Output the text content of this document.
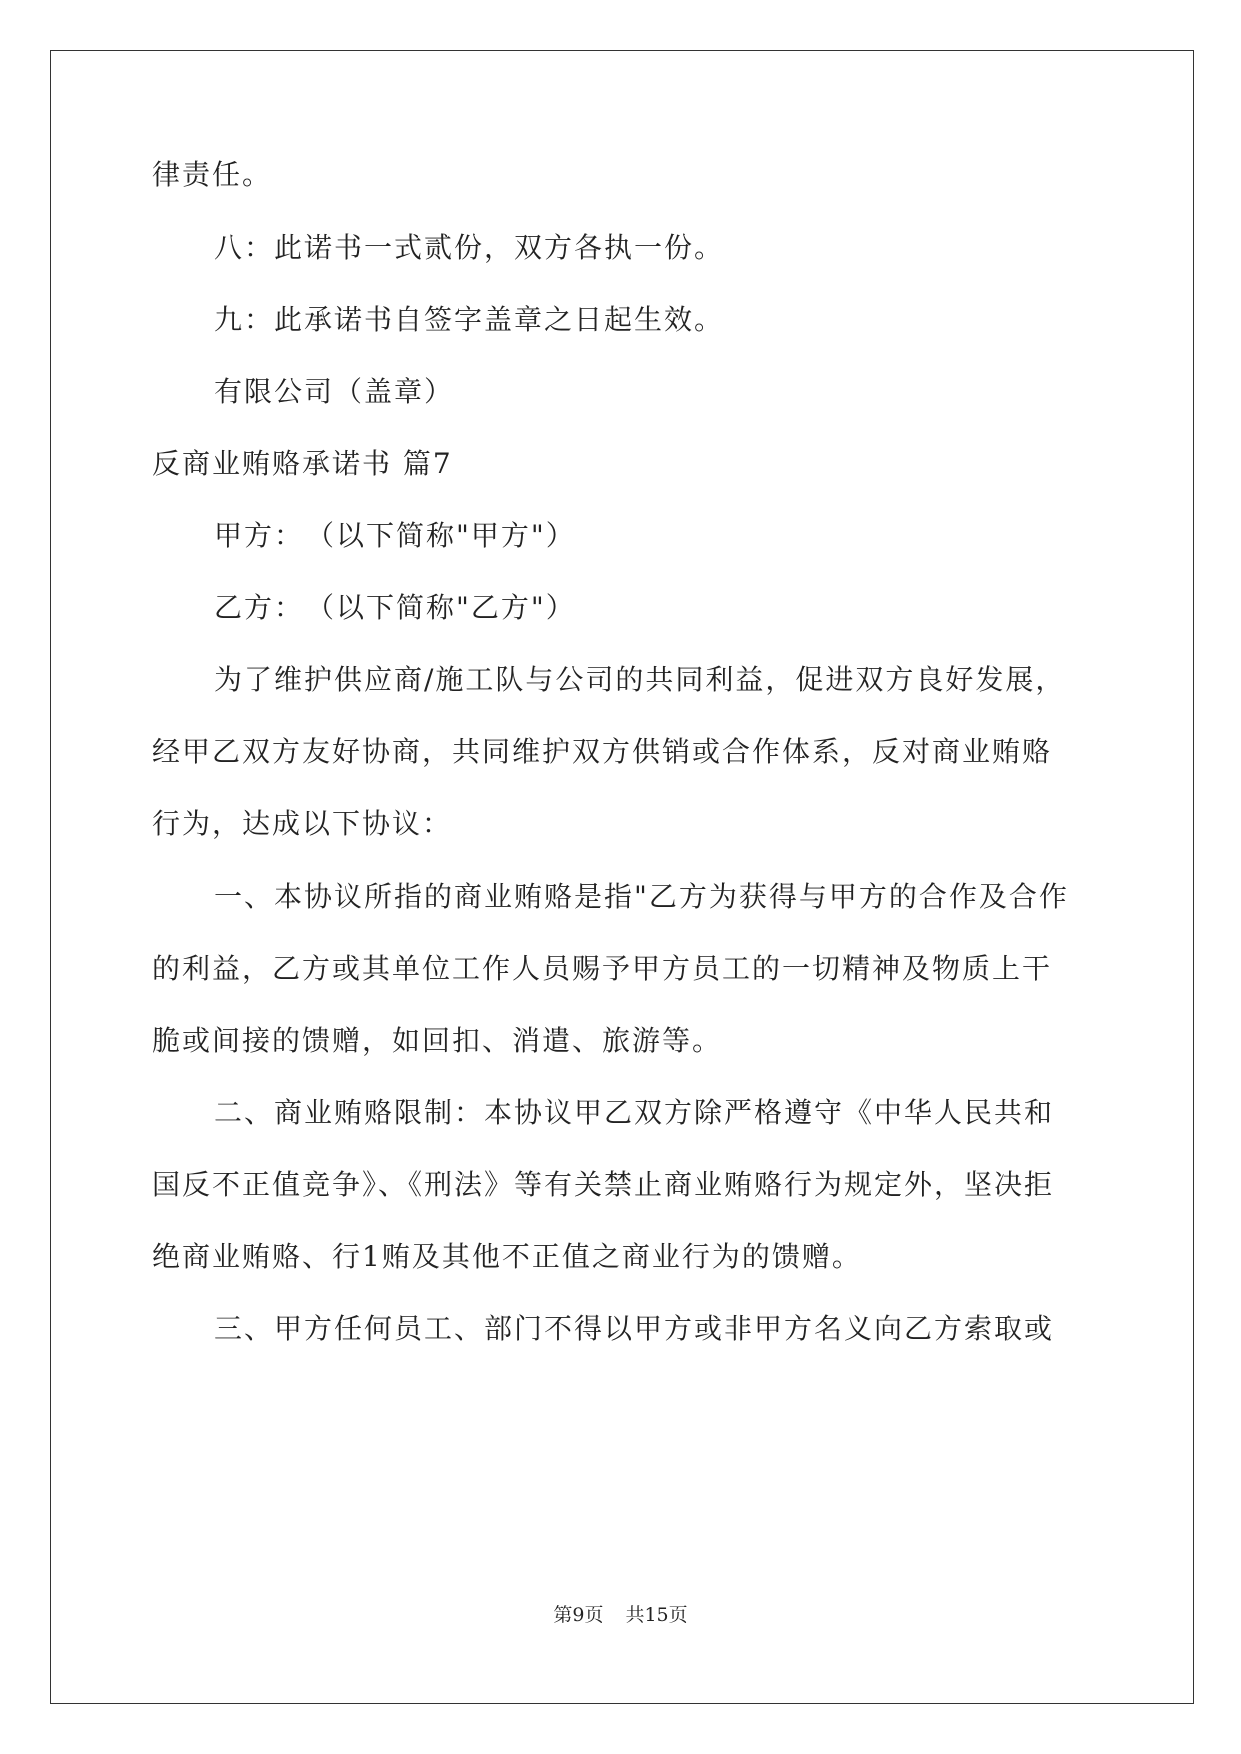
律责任。
八：此诺书一式贰份，双方各执一份。
九：此承诺书自签字盖章之日起生效。
有限公司（盖章）
反商业贿赂承诺书 篇7
甲方：　（以下简称"甲方"）
乙方：　（以下简称"乙方"）
为了维护供应商/施工队与公司的共同利益，促进双方良好发展，
经甲乙双方友好协商，共同维护双方供销或合作体系，反对商业贿赂
行为，达成以下协议：
一、本协议所指的商业贿赂是指"乙方为获得与甲方的合作及合作
的利益，乙方或其单位工作人员赐予甲方员工的一切精神及物质上干
脆或间接的馈赠，如回扣、消遣、旅游等。
二、商业贿赂限制：本协议甲乙双方除严格遵守《中华人民共和
国反不正值竞争》、《刑法》等有关禁止商业贿赂行为规定外，坚决拒
绝商业贿赂、行1贿及其他不正值之商业行为的馈赠。
三、甲方任何员工、部门不得以甲方或非甲方名义向乙方索取或
第9页 共15页
